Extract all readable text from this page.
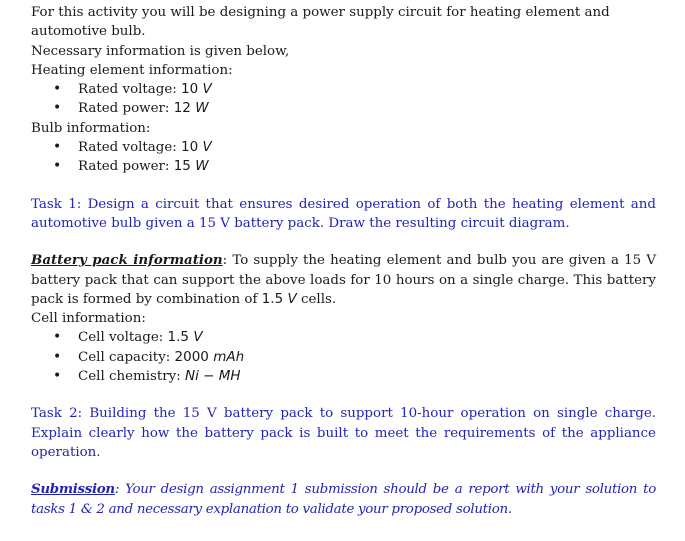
For this activity you will be designing a power supply circuit for heating element and automotive bulb.

Necessary information is given below,

Heating element information:

• Rated voltage: 10 V
• Rated power: 12 W

Bulb information:

• Rated voltage: 10 V
• Rated power: 15 W

Task 1: Design a circuit that ensures desired operation of both the heating element and automotive bulb given a 15 V battery pack. Draw the resulting circuit diagram.

Battery pack information: To supply the heating element and bulb you are given a 15 V battery pack that can support the above loads for 10 hours on a single charge. This battery pack is formed by combination of 1.5 V cells.

Cell information:

• Cell voltage: 1.5 V
• Cell capacity: 2000 mAh
• Cell chemistry: Ni − MH

Task 2: Building the 15 V battery pack to support 10-hour operation on single charge. Explain clearly how the battery pack is built to meet the requirements of the appliance operation.

Submission: Your design assignment 1 submission should be a report with your solution to tasks 1 & 2 and necessary explanation to validate your proposed solution.
